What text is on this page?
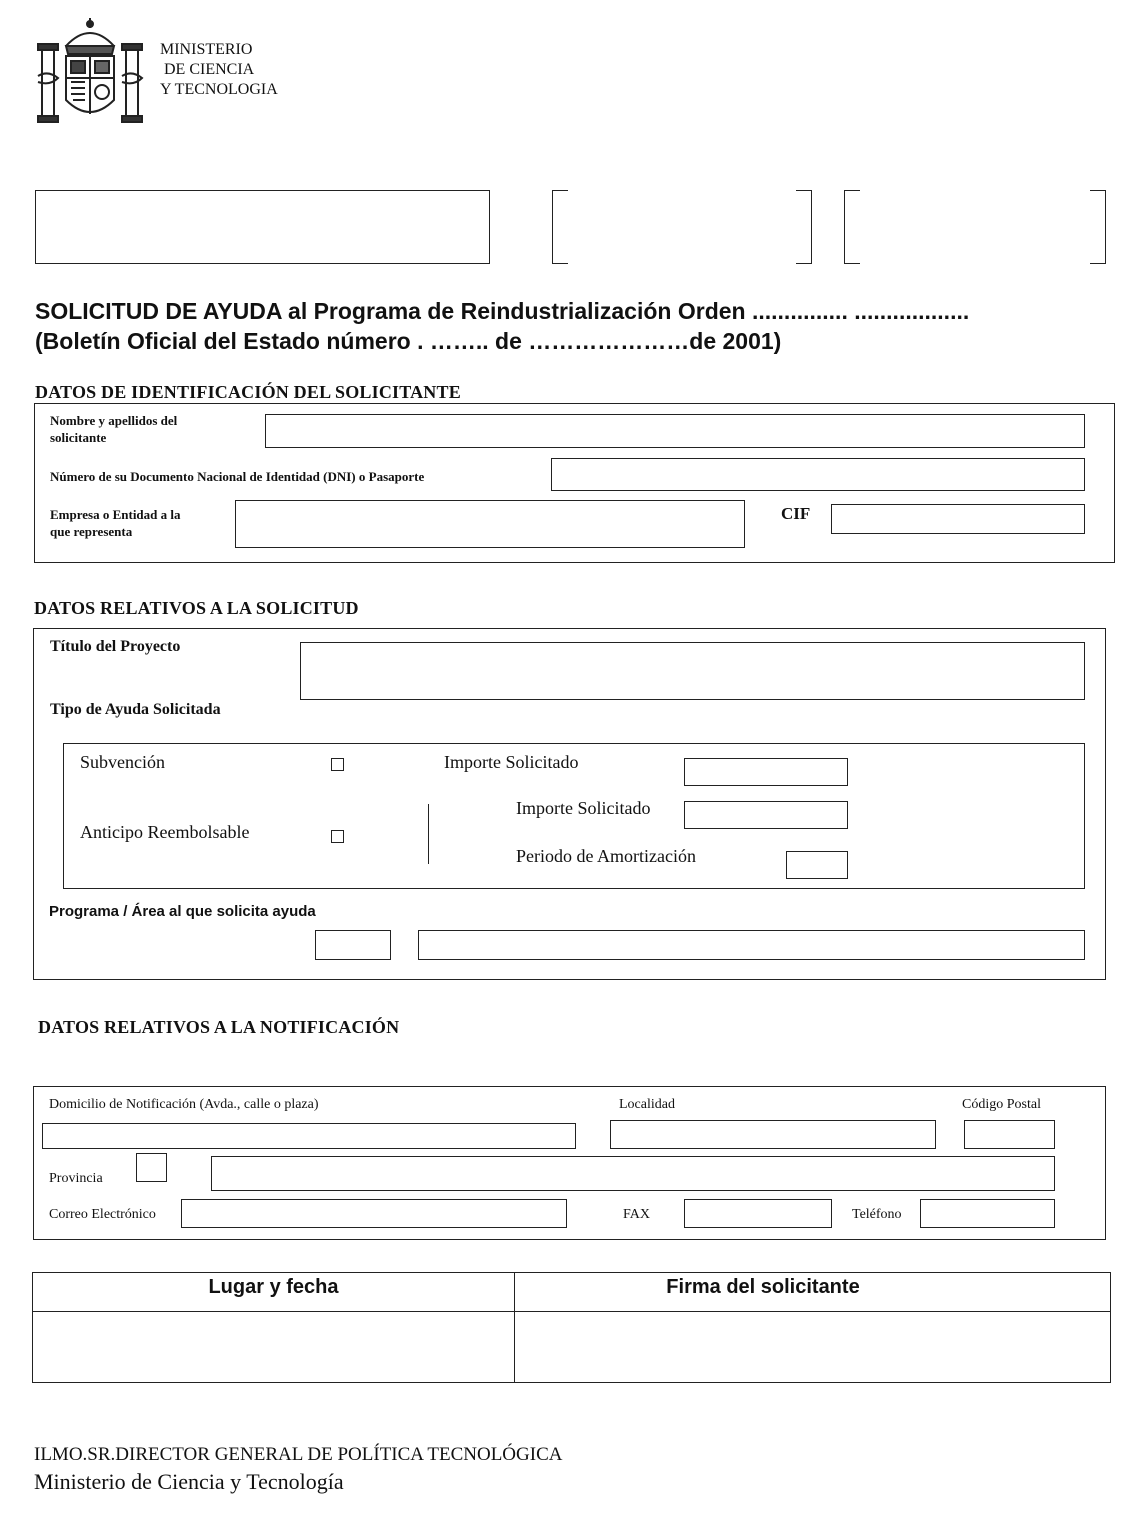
MINISTERIO
DE CIENCIA
Y TECNOLOGIA
SOLICITUD DE AYUDA al Programa de Reindustrialización Orden ............... ..................
(Boletín Oficial del Estado número . …….. de …………………de 2001)
DATOS DE IDENTIFICACIÓN DEL SOLICITANTE
Nombre y apellidos del
solicitante
Número de su Documento Nacional de Identidad (DNI) o Pasaporte
Empresa o Entidad a la
que representa
CIF
DATOS RELATIVOS A LA SOLICITUD
Título del Proyecto
Tipo de Ayuda Solicitada
Subvención	Importe Solicitado
Anticipo Reembolsable
Importe Solicitado
Periodo de Amortización
Programa / Área al que solicita ayuda
DATOS RELATIVOS A LA NOTIFICACIÓN
Domicilio de Notificación (Avda., calle o plaza)	Localidad	Código Postal
Provincia
Correo Electrónico	FAX	Teléfono
Lugar y fecha	Firma del solicitante
ILMO.SR.DIRECTOR GENERAL DE POLÍTICA TECNOLÓGICA
Ministerio de Ciencia y Tecnología
